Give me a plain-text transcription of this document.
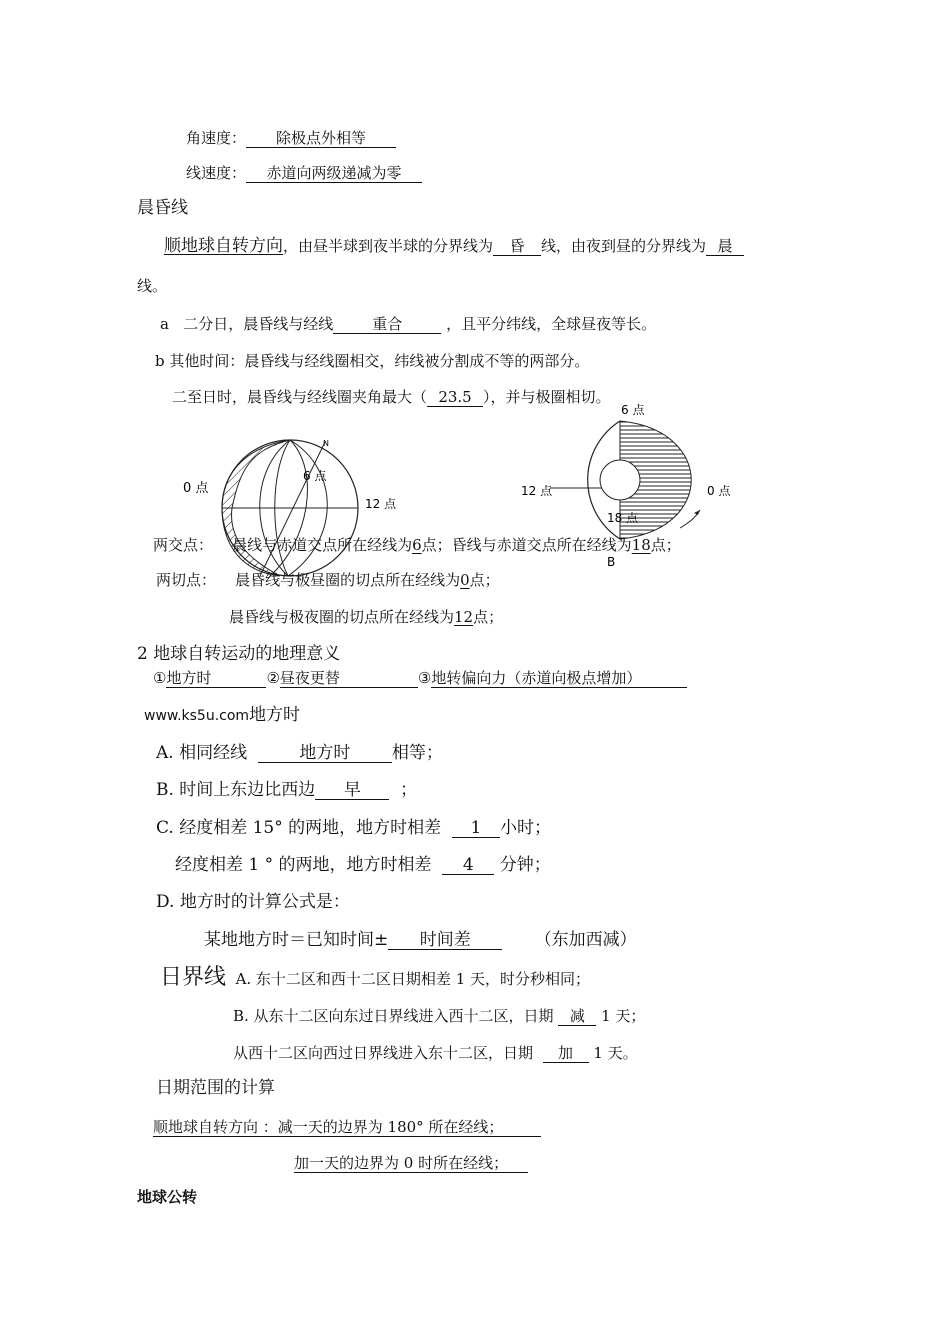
角速度： 除极点外相等
线速度： 赤道向两级递减为零
晨昏线
顺地球自转方向，由昼半球到夜半球的分界线为 昏 线，由夜到昼的分界线为 晨
线。
a 二分日，晨昏线与经线	重合	，且平分纬线，全球昼夜等长。
b 其他时间：晨昏线与经线圈相交，纬线被分割成不等的两部分。
二至日时，晨昏线与经线圈夹角最大（ 23.5 ），并与极圈相切。
0 点
6 点
12 点
N
6 点
12 点	0 点
18 点
B
两交点： 晨线与赤道交点所在经线为6点；昏线与赤道交点所在经线为18点；
两切点： 晨昏线与极昼圈的切点所在经线为0点；
晨昏线与极夜圈的切点所在经线为12点；
2 地球自转运动的地理意义
①地方时	②昼夜更替	③地转偏向力（赤道向极点增加）
www.ks5u.com地方时
A. 相同经线	地方时 相等；
B. 时间上东边比西边 早 ；
C. 经度相差 15° 的两地，地方时相差 1 小时；
经度相差 1 ° 的两地，地方时相差 4 分钟；
D. 地方时的计算公式是：
某地地方时＝已知时间± 时间差	（东加西减）
日界线 A. 东十二区和西十二区日期相差 1 天，时分秒相同；
B. 从东十二区向东过日界线进入西十二区，日期 减 1 天；
从西十二区向西过日界线进入东十二区，日期 加 1 天。
日期范围的计算
顺地球自转方向 ：减一天的边界为 180° 所在经线；
加一天的边界为 0 时所在经线；
地球公转
